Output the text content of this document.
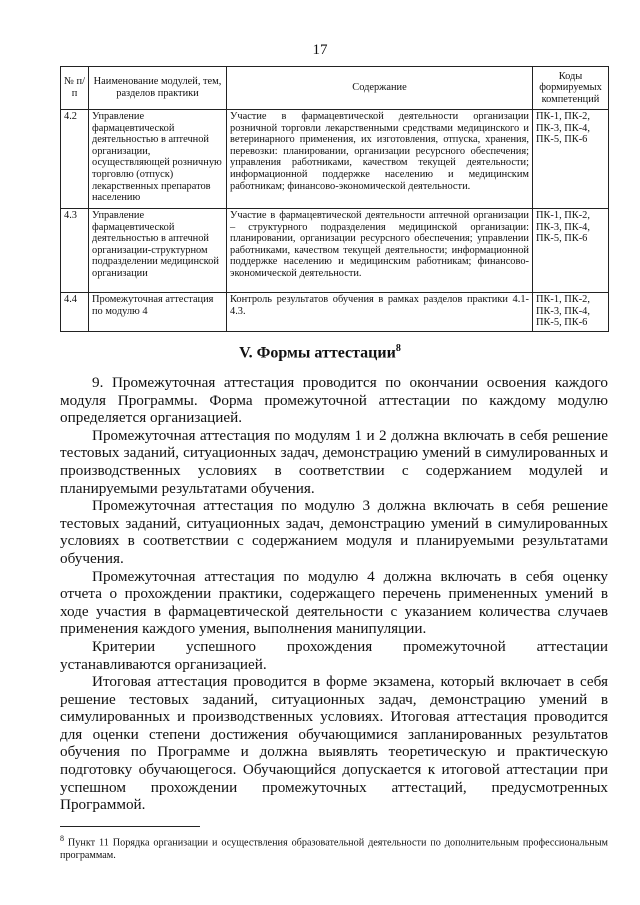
17
№ п/п	Наименование модулей, тем, разделов практики	Содержание	Коды формируемых компетенций
4.2	Управление фармацевтической деятельностью в аптечной организации, осуществляющей розничную торговлю (отпуск) лекарственных препаратов населению	Участие в фармацевтической деятельности организации розничной торговли лекарственными средствами медицинского и ветеринарного применения, их изготовления, отпуска, хранения, перевозки: планировании, организации ресурсного обеспечения; управления работниками, качеством текущей деятельности; информационной поддержке населению и медицинским работникам; финансово-экономической деятельности.	ПК-1, ПК-2, ПК-3, ПК-4, ПК-5, ПК-6
4.3	Управление фармацевтической деятельностью в аптечной организации-структурном подразделении медицинской организации	Участие в фармацевтической деятельности аптечной организации – структурного подразделения медицинской организации: планировании, организации ресурсного обеспечения; управлении работниками, качеством текущей деятельности; информационной поддержке населению и медицинским работникам; финансово-экономической деятельности.	ПК-1, ПК-2, ПК-3, ПК-4, ПК-5, ПК-6
4.4	Промежуточная аттестация по модулю 4	Контроль результатов обучения в рамках разделов практики 4.1-4.3.	ПК-1, ПК-2, ПК-3, ПК-4, ПК-5, ПК-6
V. Формы аттестации$^8$

9. Промежуточная аттестация проводится по окончании освоения каждого модуля Программы. Форма промежуточной аттестации по каждому модулю определяется организацией.

Промежуточная аттестация по модулям 1 и 2 должна включать в себя решение тестовых заданий, ситуационных задач, демонстрацию умений в симулированных и производственных условиях в соответствии с содержанием модулей и планируемыми результатами обучения.

Промежуточная аттестация по модулю 3 должна включать в себя решение тестовых заданий, ситуационных задач, демонстрацию умений в симулированных условиях в соответствии с содержанием модуля и планируемыми результатами обучения.

Промежуточная аттестация по модулю 4 должна включать в себя оценку отчета о прохождении практики, содержащего перечень примененных умений в ходе участия в фармацевтической деятельности с указанием количества случаев применения каждого умения, выполнения манипуляции.

Критерии успешного прохождения промежуточной аттестации устанавливаются организацией.

Итоговая аттестация проводится в форме экзамена, который включает в себя решение тестовых заданий, ситуационных задач, демонстрацию умений в симулированных и производственных условиях. Итоговая аттестация проводится для оценки степени достижения обучающимися запланированных результатов обучения по Программе и должна выявлять теоретическую и практическую подготовку обучающегося. Обучающийся допускается к итоговой аттестации при успешном прохождении промежуточных аттестаций, предусмотренных Программой.

$^8$ Пункт 11 Порядка организации и осуществления образовательной деятельности по дополнительным профессиональным программам.
